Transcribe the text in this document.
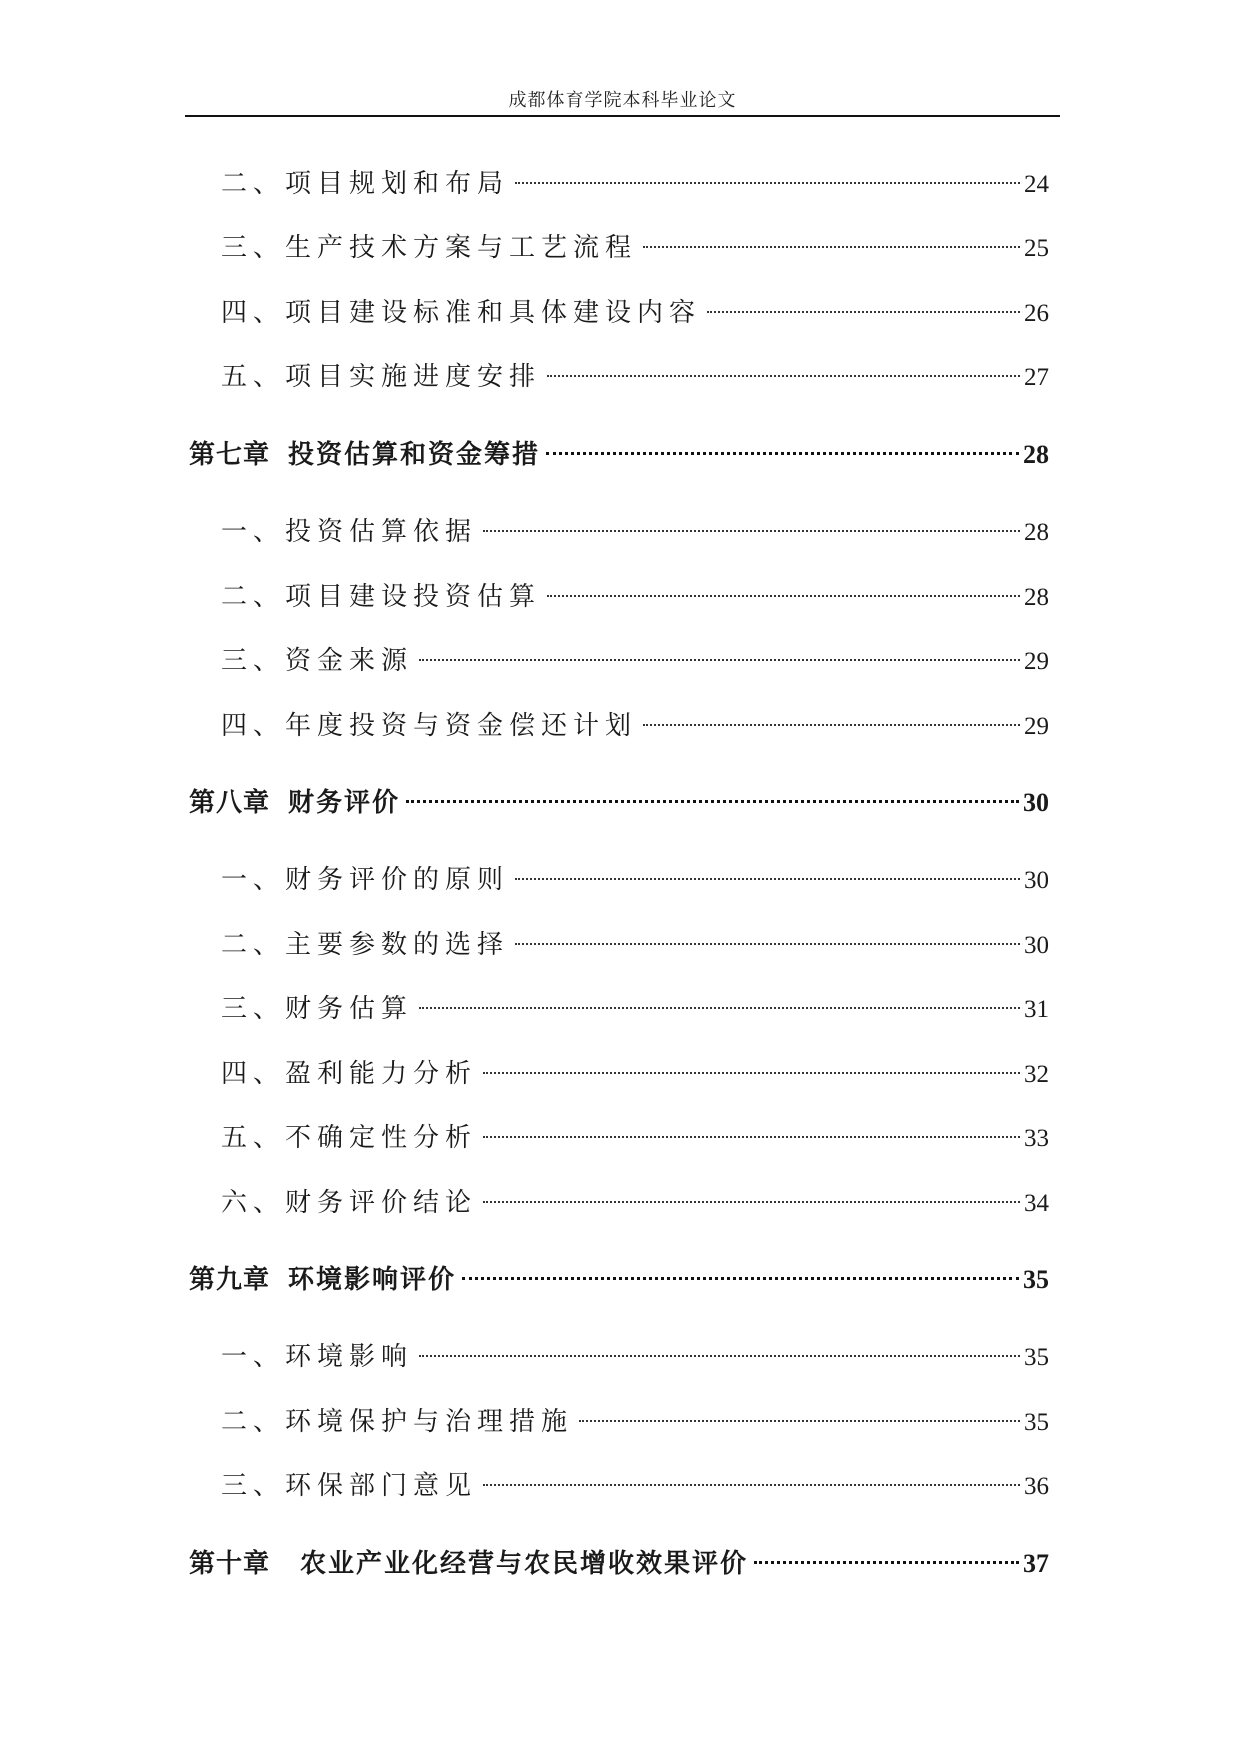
成都体育学院本科毕业论文
二、 项目规划和布局	24
三、 生产技术方案与工艺流程	25
四、 项目建设标准和具体建设内容	26
五、 项目实施进度安排	27
第七章 投资估算和资金筹措	28
一、 投资估算依据	28
二、 项目建设投资估算	28
三、 资金来源	29
四、 年度投资与资金偿还计划	29
第八章 财务评价	30
一、 财务评价的原则	30
二、 主要参数的选择	30
三、 财务估算	31
四、 盈利能力分析	32
五、 不确定性分析	33
六、 财务评价结论	34
第九章 环境影响评价	35
一、 环境影响	35
二、 环境保护与治理措施	35
三、 环保部门意见	36
第十章 农业产业化经营与农民增收效果评价	37
